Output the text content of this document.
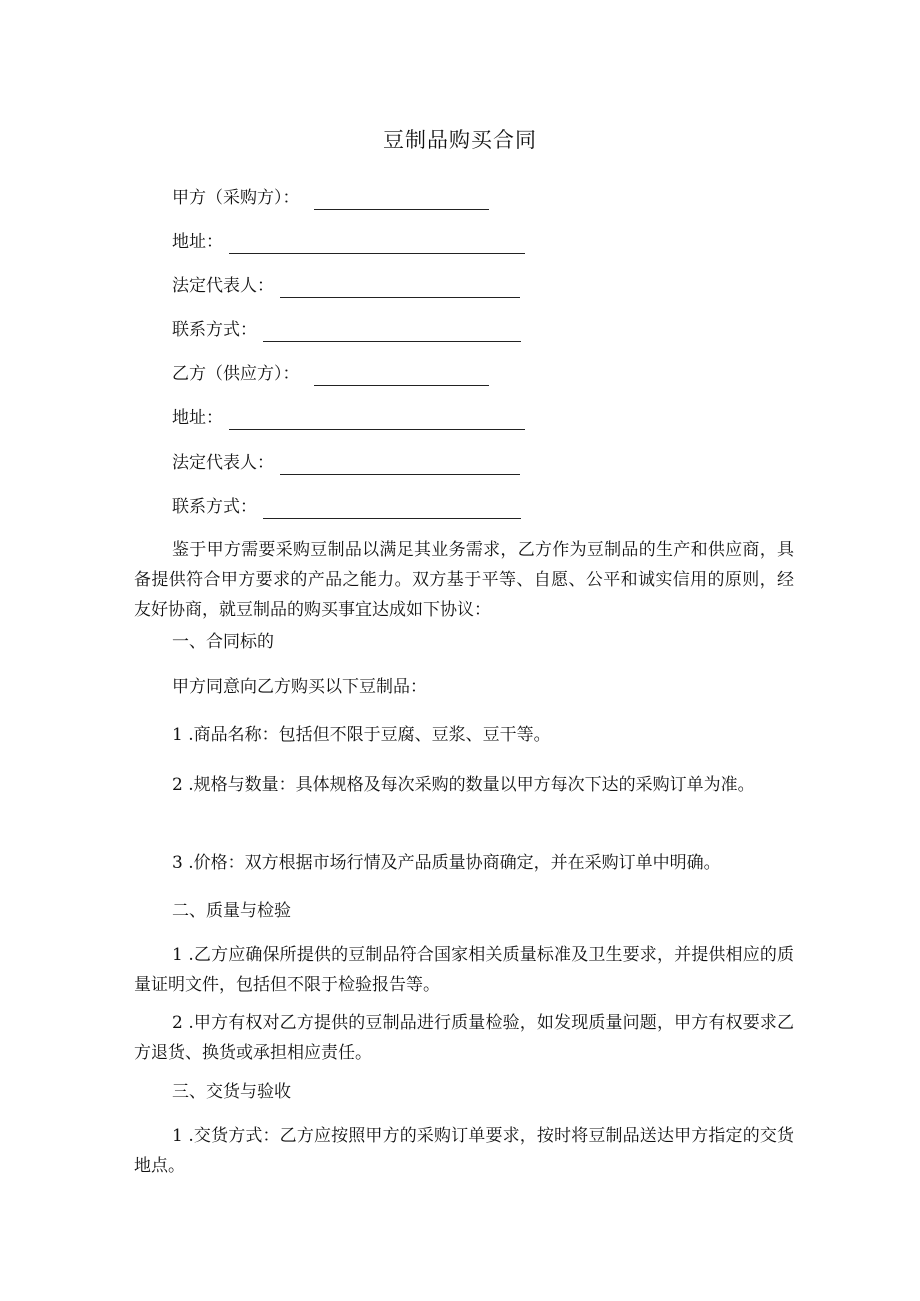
豆制品购买合同
甲方（采购方）：
地址：
法定代表人：
联系方式：
乙方（供应方）：
地址：
法定代表人：
联系方式：
鉴于甲方需要采购豆制品以满足其业务需求，乙方作为豆制品的生产和供应商，具备提供符合甲方要求的产品之能力。双方基于平等、自愿、公平和诚实信用的原则，经友好协商，就豆制品的购买事宜达成如下协议：
一、合同标的
甲方同意向乙方购买以下豆制品：
1 .商品名称：包括但不限于豆腐、豆浆、豆干等。
2 .规格与数量：具体规格及每次采购的数量以甲方每次下达的采购订单为准。
3 .价格：双方根据市场行情及产品质量协商确定，并在采购订单中明确。
二、质量与检验
1 .乙方应确保所提供的豆制品符合国家相关质量标准及卫生要求，并提供相应的质量证明文件，包括但不限于检验报告等。
2 .甲方有权对乙方提供的豆制品进行质量检验，如发现质量问题，甲方有权要求乙方退货、换货或承担相应责任。
三、交货与验收
1 .交货方式：乙方应按照甲方的采购订单要求，按时将豆制品送达甲方指定的交货地点。
